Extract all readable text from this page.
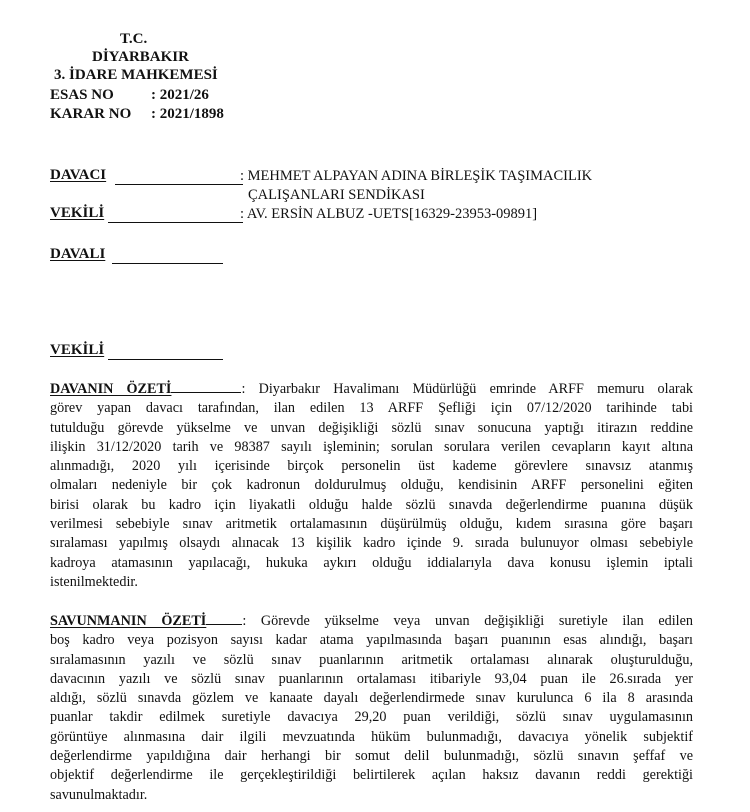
T.C.
DİYARBAKIR
3. İDARE MAHKEMESİ
ESAS NO : 2021/26
KARAR NO : 2021/1898
DAVACI	: MEHMET ALPAYAN ADINA BİRLEŞİK TAŞIMACILIK
ÇALIŞANLARI SENDİKASI
VEKİLİ	: AV. ERSİN ALBUZ -UETS[16329-23953-09891]
DAVALI
VEKİLİ
DAVANIN ÖZETİ	: Diyarbakır Havalimanı Müdürlüğü emrinde ARFF memuru olarak
görev yapan davacı tarafından, ilan edilen 13 ARFF Şefliği için 07/12/2020 tarihinde tabi
tutulduğu görevde yükselme ve unvan değişikliği sözlü sınav sonucuna yaptığı itirazın reddine
ilişkin 31/12/2020 tarih ve 98387 sayılı işleminin; sorulan sorulara verilen cevapların kayıt altına
alınmadığı, 2020 yılı içerisinde birçok personelin üst kademe görevlere sınavsız atanmış
olmaları nedeniyle bir çok kadronun doldurulmuş olduğu, kendisinin ARFF personelini eğiten
birisi olarak bu kadro için liyakatli olduğu halde sözlü sınavda değerlendirme puanına düşük
verilmesi sebebiyle sınav aritmetik ortalamasının düşürülmüş olduğu, kıdem sırasına göre başarı
sıralaması yapılmış olsaydı alınacak 13 kişilik kadro içinde 9. sırada bulunuyor olması sebebiyle
kadroya atamasının yapılacağı, hukuka aykırı olduğu iddialarıyla dava konusu işlemin iptali
istenilmektedir.
SAVUNMANIN ÖZETİ	: Görevde yükselme veya unvan değişikliği suretiyle ilan edilen
boş kadro veya pozisyon sayısı kadar atama yapılmasında başarı puanının esas alındığı, başarı
sıralamasının yazılı ve sözlü sınav puanlarının aritmetik ortalaması alınarak oluşturulduğu,
davacının yazılı ve sözlü sınav puanlarının ortalaması itibariyle 93,04 puan ile 26.sırada yer
aldığı, sözlü sınavda gözlem ve kanaate dayalı değerlendirmede sınav kurulunca 6 ila 8 arasında
puanlar takdir edilmek suretiyle davacıya 29,20 puan verildiği, sözlü sınav uygulamasının
görüntüye alınmasına dair ilgili mevzuatında hüküm bulunmadığı, davacıya yönelik subjektif
değerlendirme yapıldığına dair herhangi bir somut delil bulunmadığı, sözlü sınavın şeffaf ve
objektif değerlendirme ile gerçekleştirildiği belirtilerek açılan haksız davanın reddi gerektiği
savunulmaktadır.
